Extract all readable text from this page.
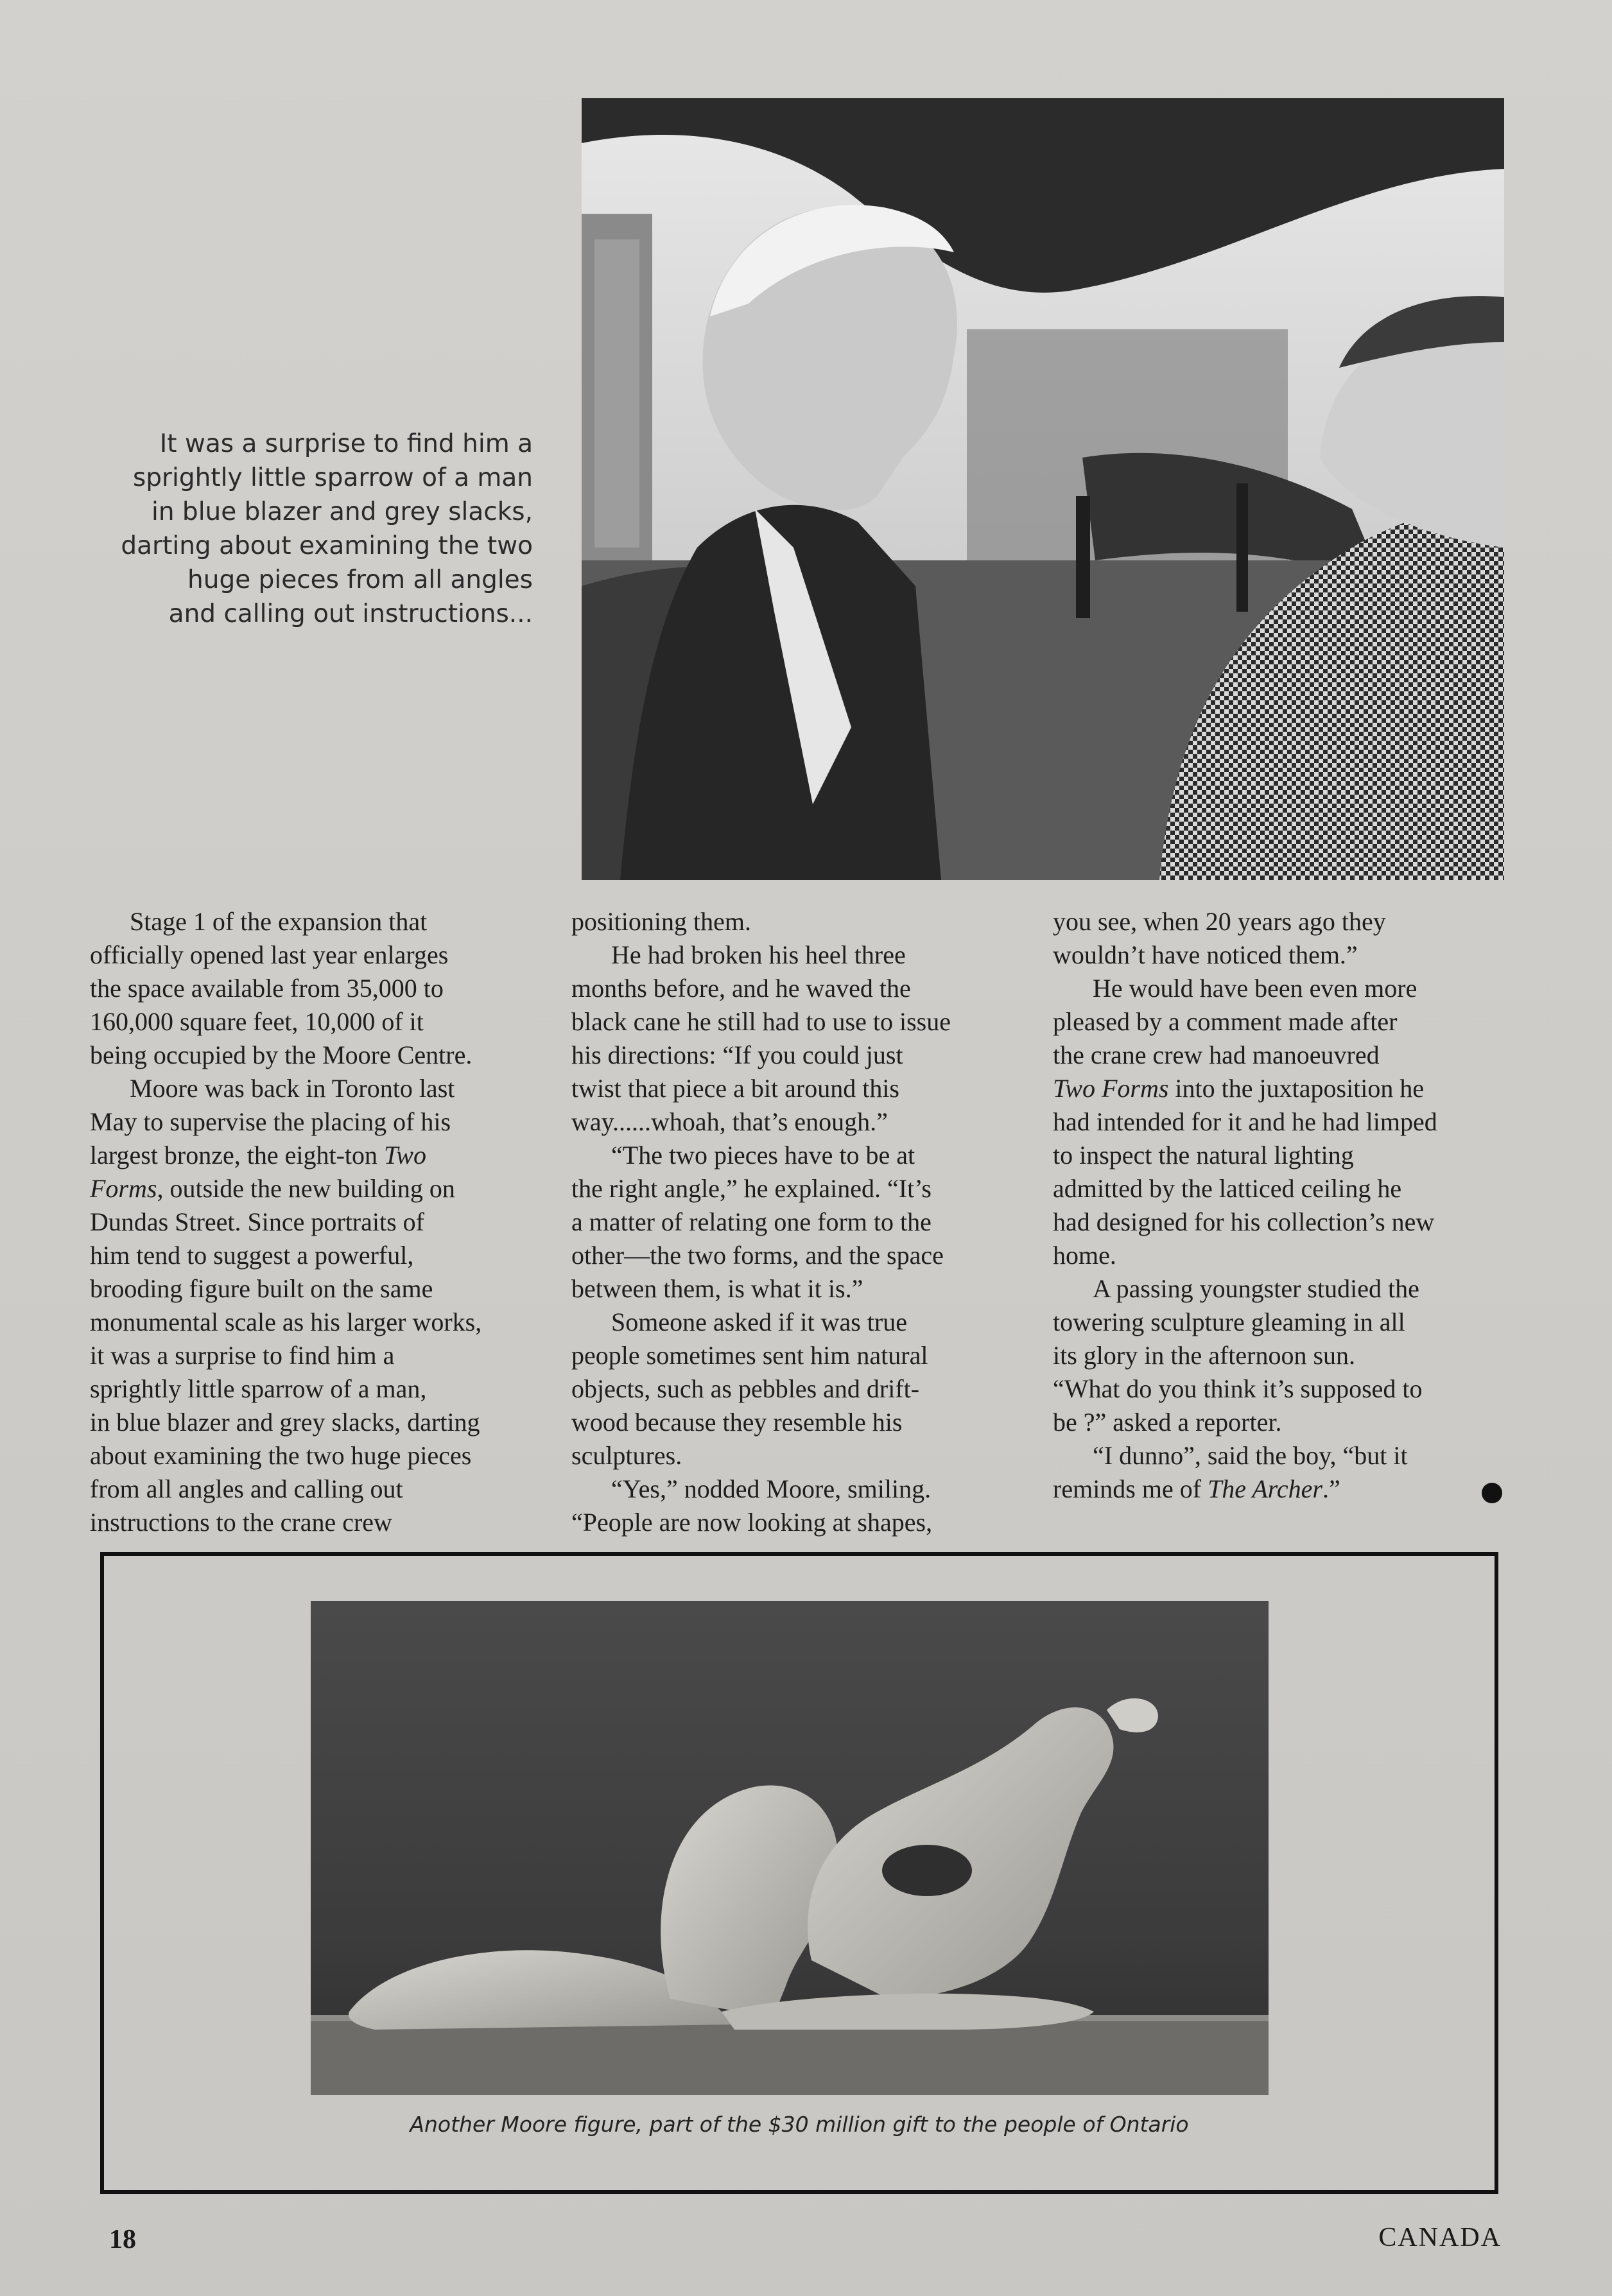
It was a surprise to find him a
sprightly little sparrow of a man
in blue blazer and grey slacks,
darting about examining the two
huge pieces from all angles
and calling out instructions...

Stage 1 of the expansion that

officially opened last year enlarges

the space available from 35,000 to

160,000 square feet, 10,000 of it

being occupied by the Moore Centre.

Moore was back in Toronto last

May to supervise the placing of his

largest bronze, the eight-ton Two

Forms, outside the new building on

Dundas Street. Since portraits of

him tend to suggest a powerful,

brooding figure built on the same

monumental scale as his larger works,

it was a surprise to find him a

sprightly little sparrow of a man,

in blue blazer and grey slacks, darting

about examining the two huge pieces

from all angles and calling out

instructions to the crane crew

positioning them.

He had broken his heel three

months before, and he waved the

black cane he still had to use to issue

his directions: “If you could just

twist that piece a bit around this

way......whoah, that’s enough.”

“The two pieces have to be at

the right angle,” he explained. “It’s

a matter of relating one form to the

other—the two forms, and the space

between them, is what it is.”

Someone asked if it was true

people sometimes sent him natural

objects, such as pebbles and drift-

wood because they resemble his

sculptures.

“Yes,” nodded Moore, smiling.

“People are now looking at shapes,

you see, when 20 years ago they

wouldn’t have noticed them.”

He would have been even more

pleased by a comment made after

the crane crew had manoeuvred

Two Forms into the juxtaposition he

had intended for it and he had limped

to inspect the natural lighting

admitted by the latticed ceiling he

had designed for his collection’s new

home.

A passing youngster studied the

towering sculpture gleaming in all

its glory in the afternoon sun.

“What do you think it’s supposed to

be ?” asked a reporter.

“I dunno”, said the boy, “but it

reminds me of The Archer.”

Another Moore figure, part of the $30 million gift to the people of Ontario

18	CANADA
